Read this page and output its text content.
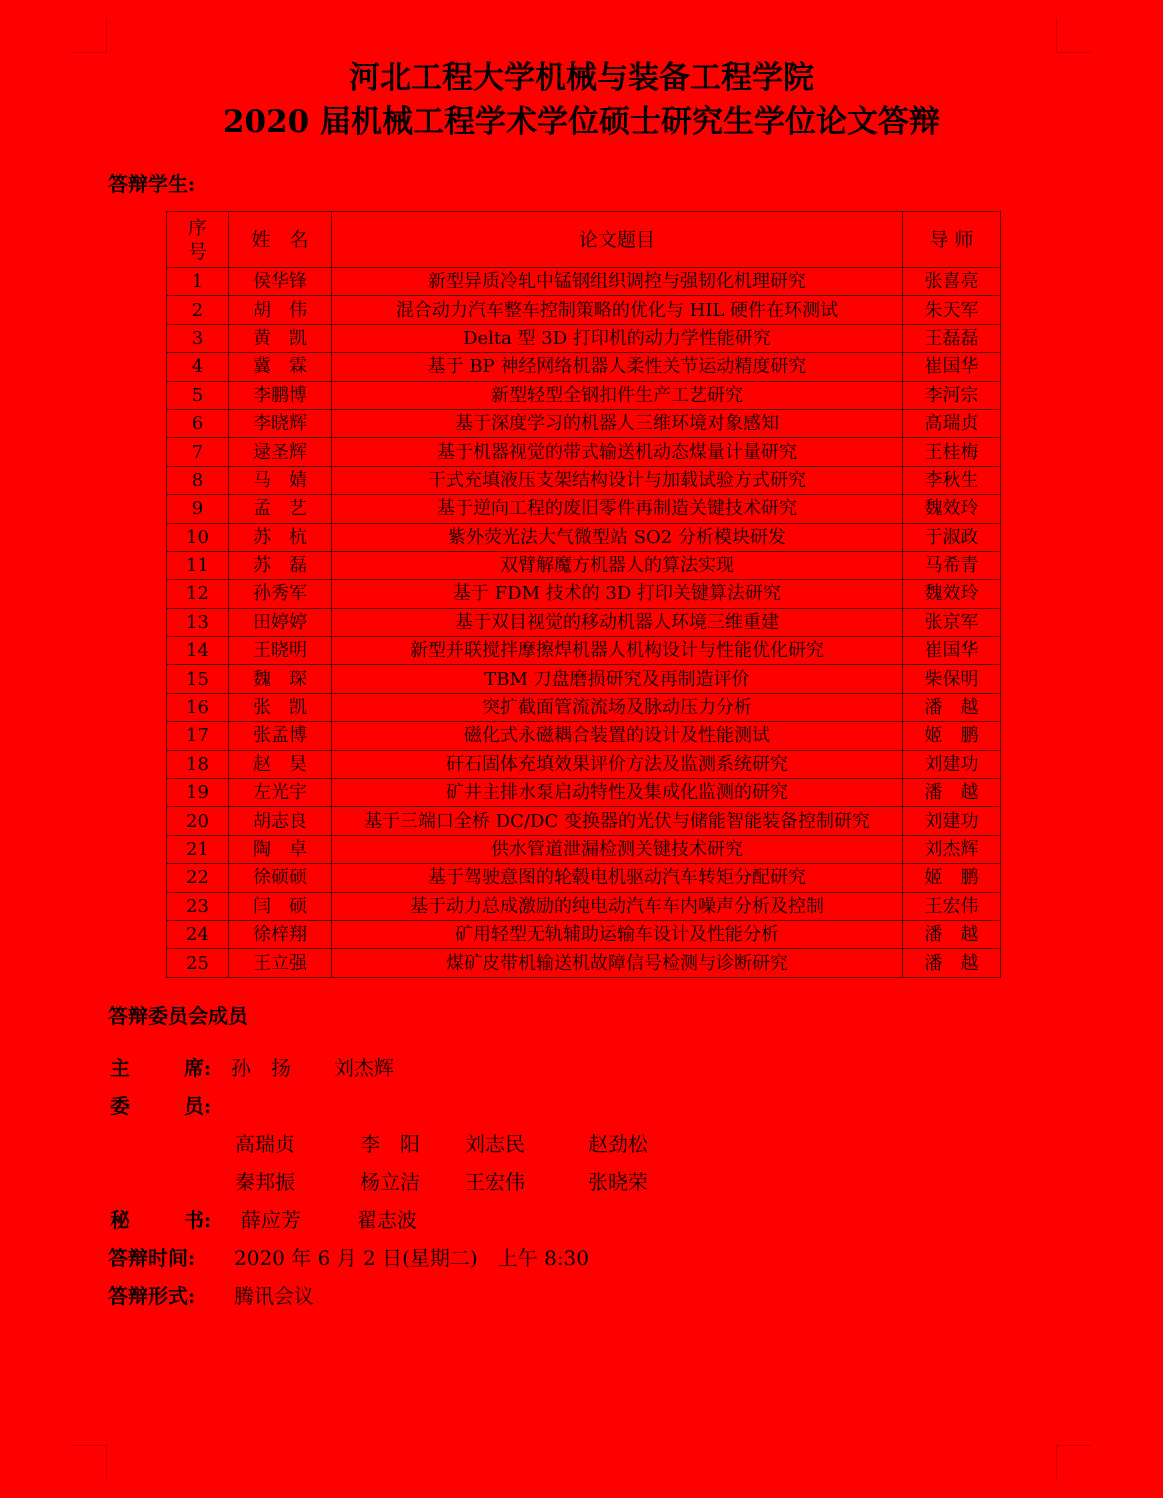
河北工程大学机械与装备工程学院
2020 届机械工程学术学位硕士研究生学位论文答辩
答辩学生:
序
号	姓　名	论文题目	导 师
1	侯华锋	新型异质冷轧中锰钢组织调控与强韧化机理研究	张喜亮
2	胡　伟	混合动力汽车整车控制策略的优化与 HIL 硬件在环测试	朱天军
3	黄　凯	Delta 型 3D 打印机的动力学性能研究	王磊磊
4	冀　霖	基于 BP 神经网络机器人柔性关节运动精度研究	崔国华
5	李鹏博	新型轻型全钢扣件生产工艺研究	李河宗
6	李晓辉	基于深度学习的机器人三维环境对象感知	高瑞贞
7	逯圣辉	基于机器视觉的带式输送机动态煤量计量研究	王桂梅
8	马　婧	干式充填液压支架结构设计与加载试验方式研究	李秋生
9	孟　艺	基于逆向工程的废旧零件再制造关键技术研究	魏效玲
10	苏　杭	紫外荧光法大气微型站 SO2 分析模块研发	于淑政
11	苏　磊	双臂解魔方机器人的算法实现	马希青
12	孙秀军	基于 FDM 技术的 3D 打印关键算法研究	魏效玲
13	田婷婷	基于双目视觉的移动机器人环境三维重建	张京军
14	王晓明	新型并联搅拌摩擦焊机器人机构设计与性能优化研究	崔国华
15	魏　琛	TBM 刀盘磨损研究及再制造评价	柴保明
16	张　凯	突扩截面管流流场及脉动压力分析	潘　越
17	张孟博	磁化式永磁耦合装置的设计及性能测试	姬　鹏
18	赵　昊	矸石固体充填效果评价方法及监测系统研究	刘建功
19	左光宇	矿井主排水泵启动特性及集成化监测的研究	潘　越
20	胡志良	基于三端口全桥 DC/DC 变换器的光伏与储能智能装备控制研究	刘建功
21	陶　卓	供水管道泄漏检测关键技术研究	刘杰辉
22	徐硕硕	基于驾驶意图的轮毂电机驱动汽车转矩分配研究	姬　鹏
23	闫　硕	基于动力总成激励的纯电动汽车车内噪声分析及控制	王宏伟
24	徐梓翔	矿用轻型无轨辅助运输车设计及性能分析	潘　越
25	王立强	煤矿皮带机输送机故障信号检测与诊断研究	潘　越
答辩委员会成员
主	席: 孙　扬 刘杰辉
委	员:
高瑞贞	李　阳 刘志民	赵劲松
秦邦振	杨立洁 王宏伟	张晓荣
秘	书: 薛应芳	翟志波
答辩时间: 2020 年 6 月 2 日(星期二)　上午 8:30
答辩形式: 腾讯会议
